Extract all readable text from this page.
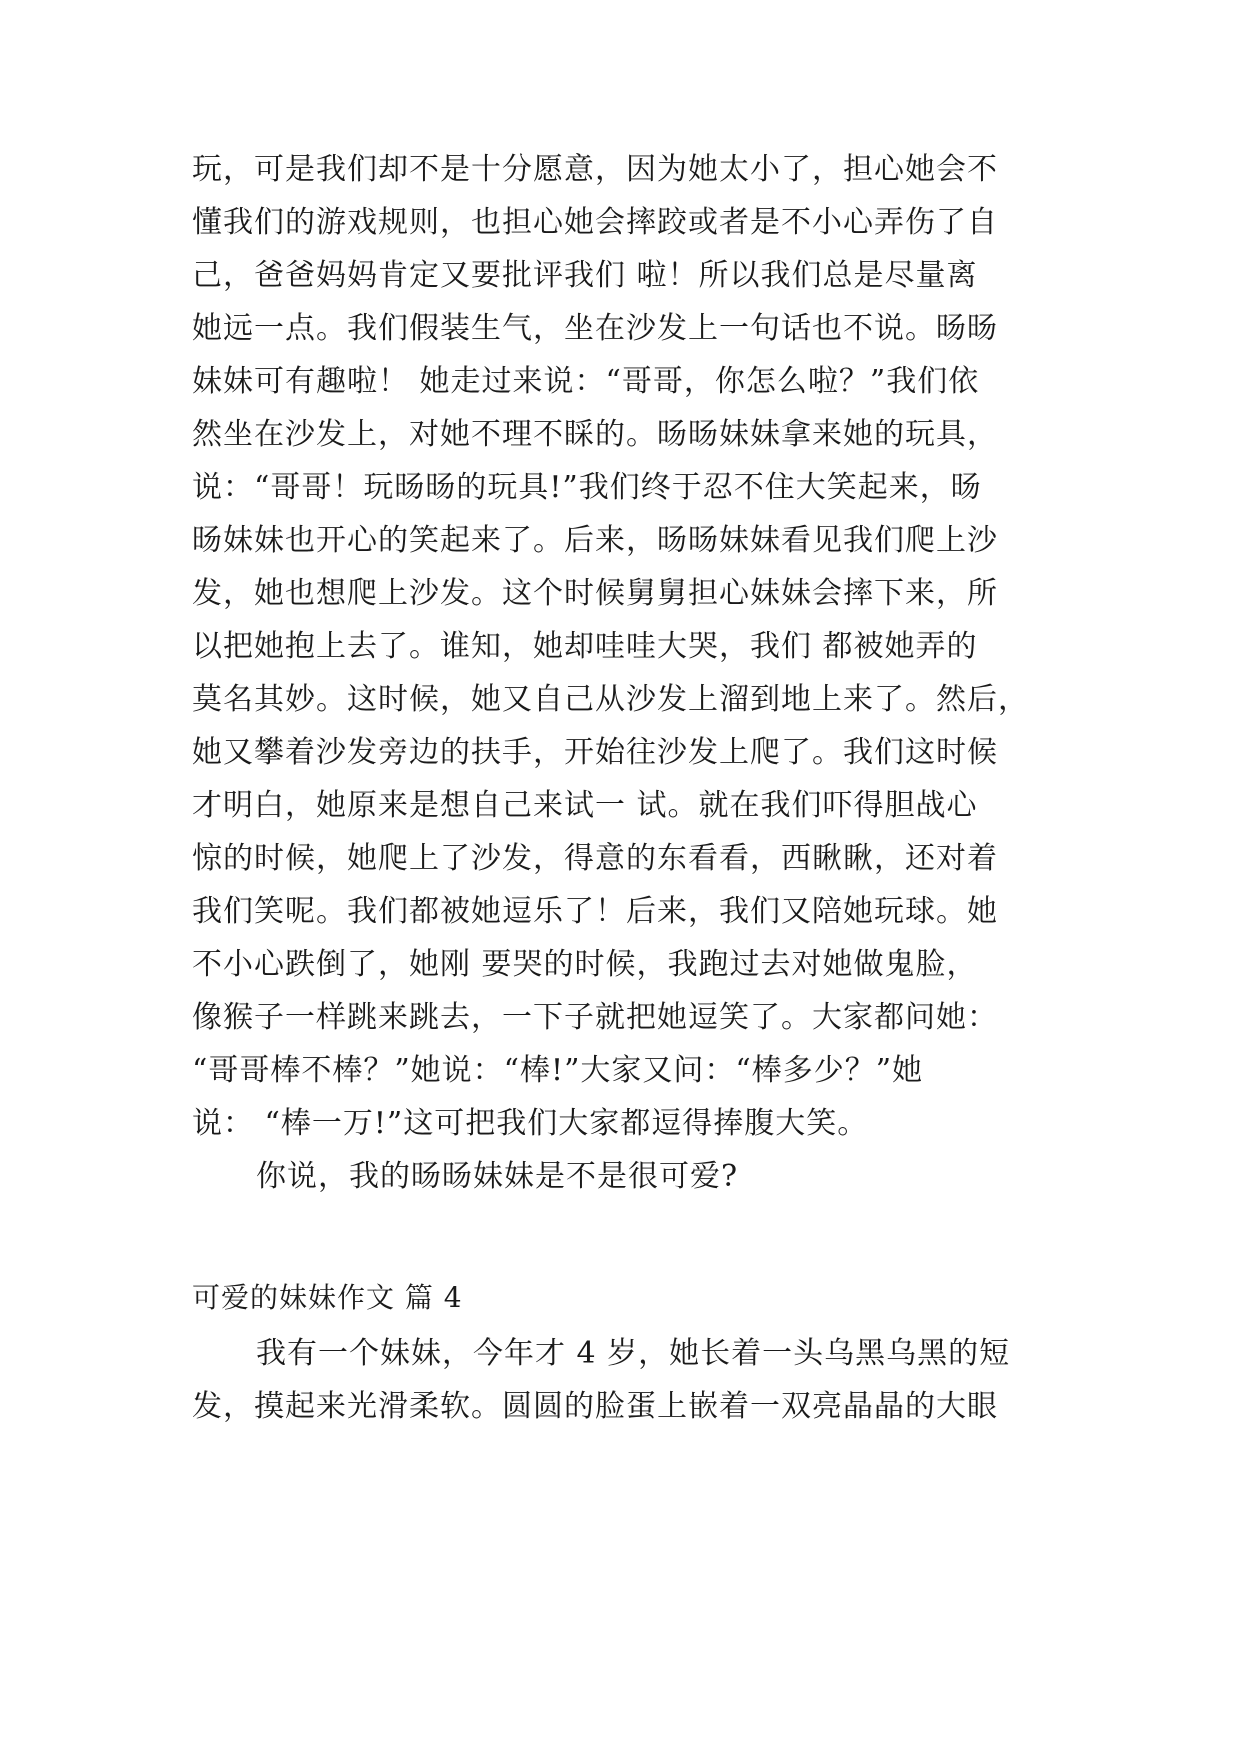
玩，可是我们却不是十分愿意，因为她太小了，担心她会不
懂我们的游戏规则，也担心她会摔跤或者是不小心弄伤了自
己，爸爸妈妈肯定又要批评我们 啦！所以我们总是尽量离
她远一点。我们假装生气，坐在沙发上一句话也不说。旸旸
妹妹可有趣啦！ 她走过来说：“哥哥，你怎么啦？”我们依
然坐在沙发上，对她不理不睬的。旸旸妹妹拿来她的玩具，
说：“哥哥！玩旸旸的玩具!”我们终于忍不住大笑起来，旸
旸妹妹也开心的笑起来了。后来，旸旸妹妹看见我们爬上沙
发，她也想爬上沙发。这个时候舅舅担心妹妹会摔下来，所
以把她抱上去了。谁知，她却哇哇大哭，我们 都被她弄的
莫名其妙。这时候，她又自己从沙发上溜到地上来了。然后，
她又攀着沙发旁边的扶手，开始往沙发上爬了。我们这时候
才明白，她原来是想自己来试一 试。就在我们吓得胆战心
惊的时候，她爬上了沙发，得意的东看看，西瞅瞅，还对着
我们笑呢。我们都被她逗乐了！后来，我们又陪她玩球。她
不小心跌倒了，她刚 要哭的时候，我跑过去对她做鬼脸，
像猴子一样跳来跳去，一下子就把她逗笑了。大家都问她：
“哥哥棒不棒？”她说：“棒!”大家又问：“棒多少？”她
说： “棒一万!”这可把我们大家都逗得捧腹大笑。
你说，我的旸旸妹妹是不是很可爱?
可爱的妹妹作文 篇 4
我有一个妹妹，今年才 4 岁，她长着一头乌黑乌黑的短
发，摸起来光滑柔软。圆圆的脸蛋上嵌着一双亮晶晶的大眼
